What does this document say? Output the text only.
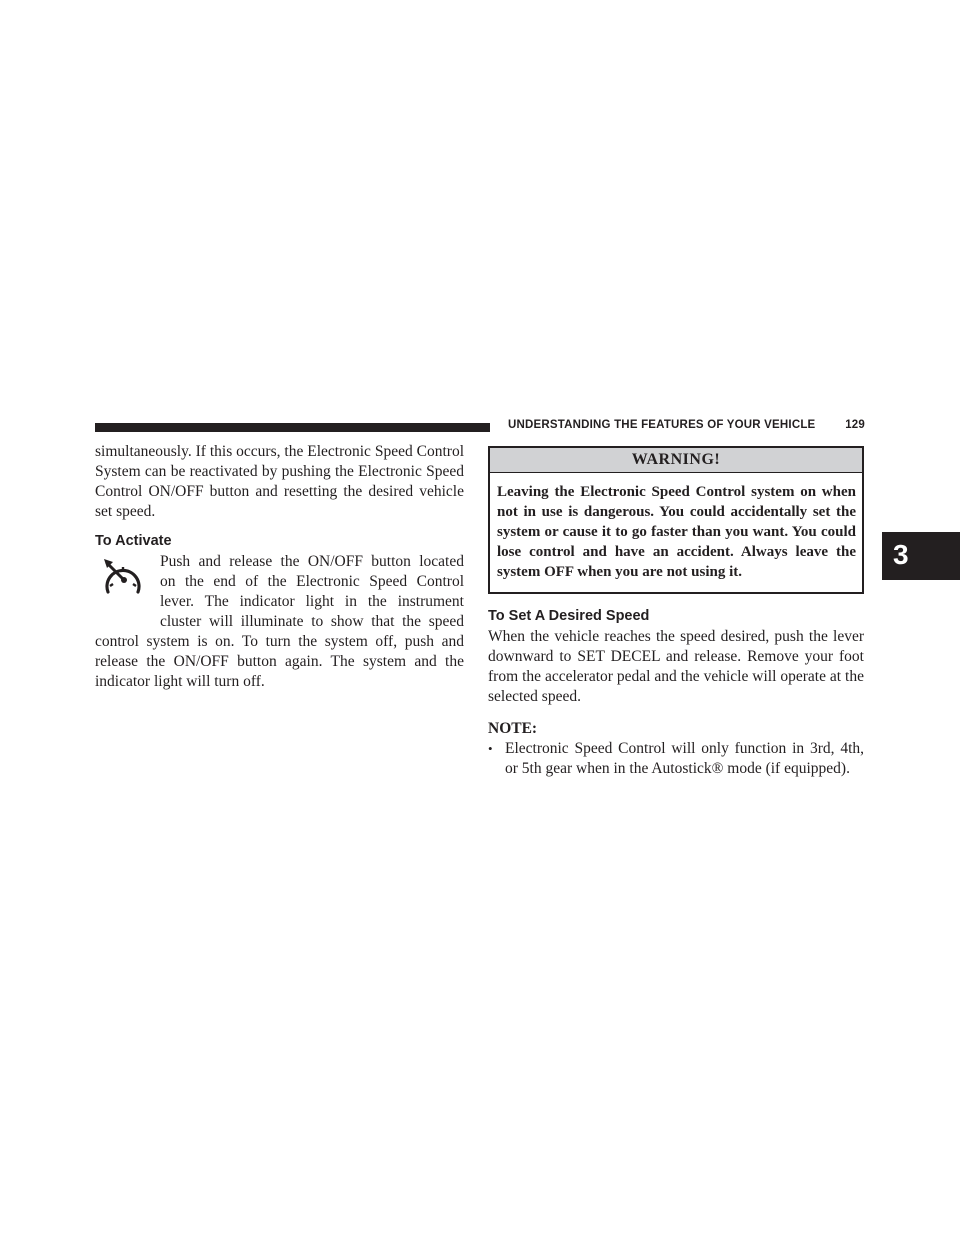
UNDERSTANDING THE FEATURES OF YOUR VEHICLE	129
3

simultaneously. If this occurs, the Electronic Speed Control System can be reactivated by pushing the Electronic Speed Control ON/OFF button and resetting the desired vehicle set speed.

To Activate

Push and release the ON/OFF button located

on the end of the Electronic Speed Control

lever. The indicator light in the instrument

cluster will illuminate to show that the speed

control system is on. To turn the system off, push and release the ON/OFF button again. The system and the indicator light will turn off.

WARNING!
Leaving the Electronic Speed Control system on when not in use is dangerous. You could accidentally set the system or cause it to go faster than you want. You could lose control and have an accident. Always leave the system OFF when you are not using it.
To Set A Desired Speed

When the vehicle reaches the speed desired, push the lever downward to SET DECEL and release. Remove your foot from the accelerator pedal and the vehicle will operate at the selected speed.

NOTE:
• Electronic Speed Control will only function in 3rd, 4th, or 5th gear when in the Autostick® mode (if equipped).
